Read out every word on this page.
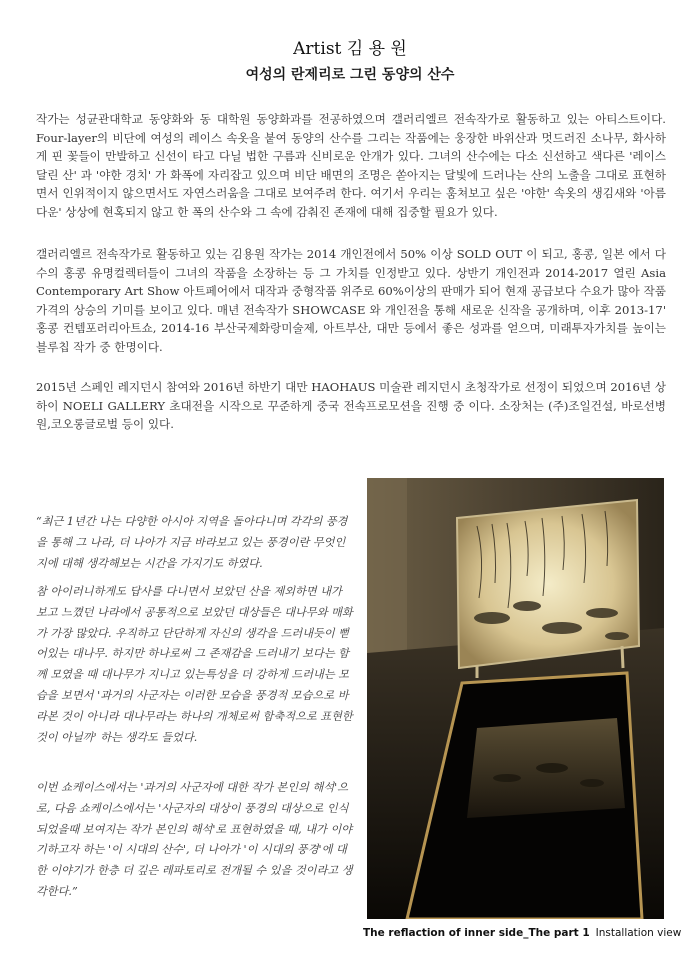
Artist 김 용 원
여성의 란제리로 그린 동양의 산수

작가는 성균관대학교 동양화와 동 대학원 동양화과를 전공하였으며 갤러리엘르 전속작가로 활동하고 있는 아티스트이다. Four-layer의 비단에 여성의 레이스 속옷을 붙여 동양의 산수를 그리는 작품에는 웅장한 바위산과 멋드러진 소나무, 화사하게 핀 꽃들이 만발하고 신선이 타고 다닐 법한 구름과 신비로운 안개가 있다. 그녀의 산수에는 다소 신선하고 색다른 '레이스 달린 산' 과 '야한 경치' 가 화폭에 자리잡고 있으며 비단 배면의 조명은 쏟아지는 달빛에 드러나는 산의 노출을 그대로 표현하면서 인위적이지 않으면서도 자연스러움을 그대로 보여주려 한다. 여기서 우리는 훔쳐보고 싶은 '야한' 속옷의 생김새와 '아름다운' 상상에 현혹되지 않고 한 폭의 산수와 그 속에 감춰진 존재에 대해 집중할 필요가 있다.

갤러리엘르 전속작가로 활동하고 있는 김용원 작가는 2014 개인전에서 50% 이상 SOLD OUT 이 되고, 홍콩, 일본 에서 다수의 홍콩 유명컬렉터들이 그녀의 작품을 소장하는 등 그 가치를 인정받고 있다. 상반기 개인전과 2014-2017 열린 Asia Contemporary Art Show 아트페어에서 대작과 중형작품 위주로 60%이상의 판매가 되어 현재 공급보다 수요가 많아 작품 가격의 상승의 기미를 보이고 있다. 매년 전속작가 SHOWCASE 와 개인전을 통해 새로운 신작을 공개하며, 이후 2013-17' 홍콩 컨템포러리아트쇼, 2014-16 부산국제화랑미술제, 아트부산, 대만 등에서 좋은 성과를 얻으며, 미래투자가치를 높이는 블루칩 작가 중 한명이다.

2015년 스페인 레지던시 참여와 2016년 하반기 대만 HAOHAUS 미술관 레지던시 초청작가로 선정이 되었으며 2016년 상하이 NOELI GALLERY 초대전을 시작으로 꾸준하게 중국 전속프로모션을 진행 중 이다. 소장처는 (주)조일건설, 바로선병원,코오롱글로벌 등이 있다.

“최근 1년간 나는 다양한 아시아 지역을 돌아다니며 각각의 풍경을 통해 그 나라, 더 나아가 지금 바라보고 있는 풍경이란 무엇인지에 대해 생각해보는 시간을 가지기도 하였다.

참 아이러니하게도 답사를 다니면서 보았던 산을 제외하면 내가 보고 느꼈던 나라에서 공통적으로 보았던 대상들은 대나무와 매화가 가장 많았다. 우직하고 단단하게 자신의 생각을 드러내듯이 뻗어있는 대나무. 하지만 하나로써 그 존재감을 드러내기 보다는 함께 모였을 때 대나무가 지니고 있는특성을 더 강하게 드러내는 모습을 보면서 '과거의 사군자는 이러한 모습을 풍경적 모습으로 바라본 것이 아니라 대나무라는 하나의 개체로써 함축적으로 표현한 것이 아닐까' 하는 생각도 들었다.

이번 쇼케이스에서는 '과거의 사군자에 대한 작가 본인의 해석'으로, 다음 쇼케이스에서는 '사군자의 대상이 풍경의 대상으로 인식되었을때 보여지는 작가 본인의 해석'로 표현하였을 때, 내가 이야기하고자 하는 '이 시대의 산수', 더 나아가 '이 시대의 풍경'에 대한 이야기가 한층 더 깊은 레파토리로 전개될 수 있을 것이라고 생각한다.”

The reflaction of inner side_The part 1 Installation view
